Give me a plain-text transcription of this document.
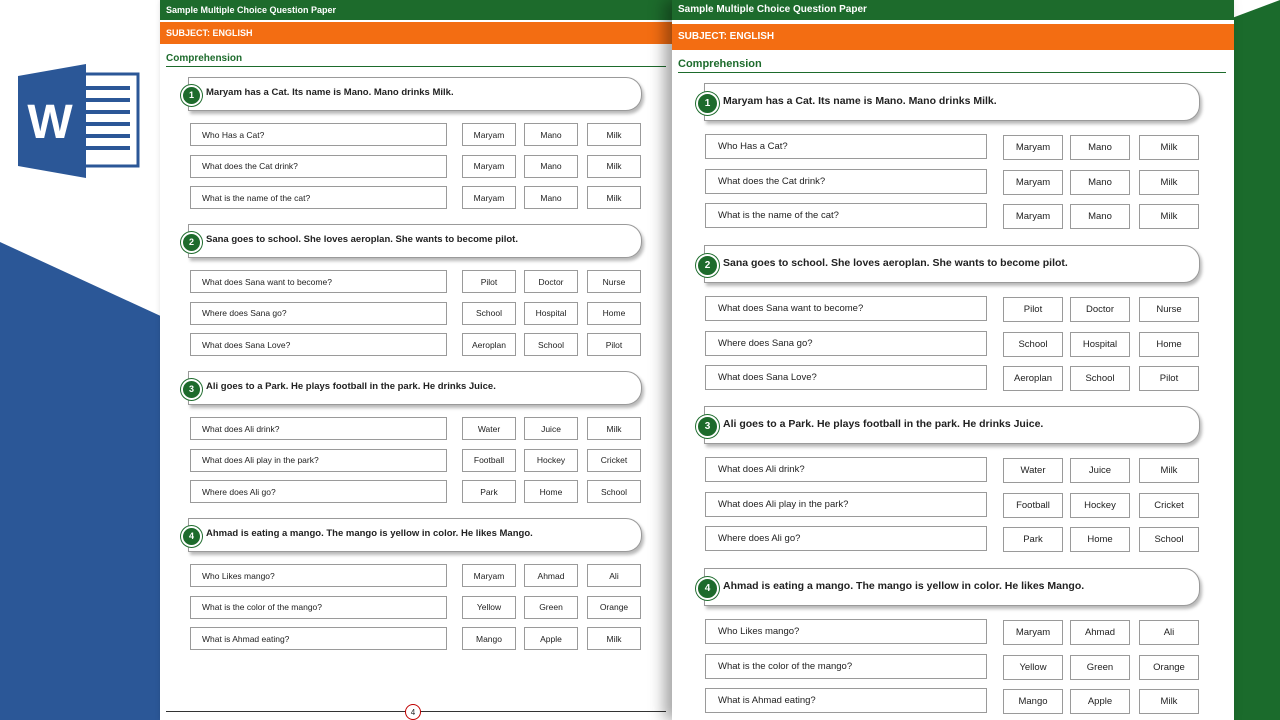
W
Sample Multiple Choice Question Paper
SUBJECT: ENGLISH
Comprehension
1	Maryam has a Cat. Its name is Mano. Mano drinks Milk.
Who Has a Cat?	Maryam	Mano	Milk
What does the Cat drink?	Maryam	Mano	Milk
What is the name of the cat?	Maryam	Mano	Milk
2	Sana goes to school. She loves aeroplan. She wants to become pilot.
What does Sana want to become?	Pilot	Doctor	Nurse
Where does Sana go?	School	Hospital	Home
What does Sana Love?	Aeroplan	School	Pilot
3	Ali goes to a Park. He plays football in the park. He drinks Juice.
What does Ali drink?	Water	Juice	Milk
What does Ali play in the park?	Football	Hockey	Cricket
Where does Ali go?	Park	Home	School
4	Ahmad is eating a mango. The mango is yellow in color. He likes Mango.
Who Likes mango?	Maryam	Ahmad	Ali
What is the color of the mango?	Yellow	Green	Orange
What is Ahmad eating?	Mango	Apple	Milk
4
Sample Multiple Choice Question Paper
SUBJECT: ENGLISH
Comprehension
1	Maryam has a Cat. Its name is Mano. Mano drinks Milk.
Who Has a Cat?	Maryam	Mano	Milk
What does the Cat drink?	Maryam	Mano	Milk
What is the name of the cat?	Maryam	Mano	Milk
2	Sana goes to school. She loves aeroplan. She wants to become pilot.
What does Sana want to become?	Pilot	Doctor	Nurse
Where does Sana go?	School	Hospital	Home
What does Sana Love?	Aeroplan	School	Pilot
3	Ali goes to a Park. He plays football in the park. He drinks Juice.
What does Ali drink?	Water	Juice	Milk
What does Ali play in the park?	Football	Hockey	Cricket
Where does Ali go?	Park	Home	School
4	Ahmad is eating a mango. The mango is yellow in color. He likes Mango.
Who Likes mango?	Maryam	Ahmad	Ali
What is the color of the mango?	Yellow	Green	Orange
What is Ahmad eating?	Mango	Apple	Milk
